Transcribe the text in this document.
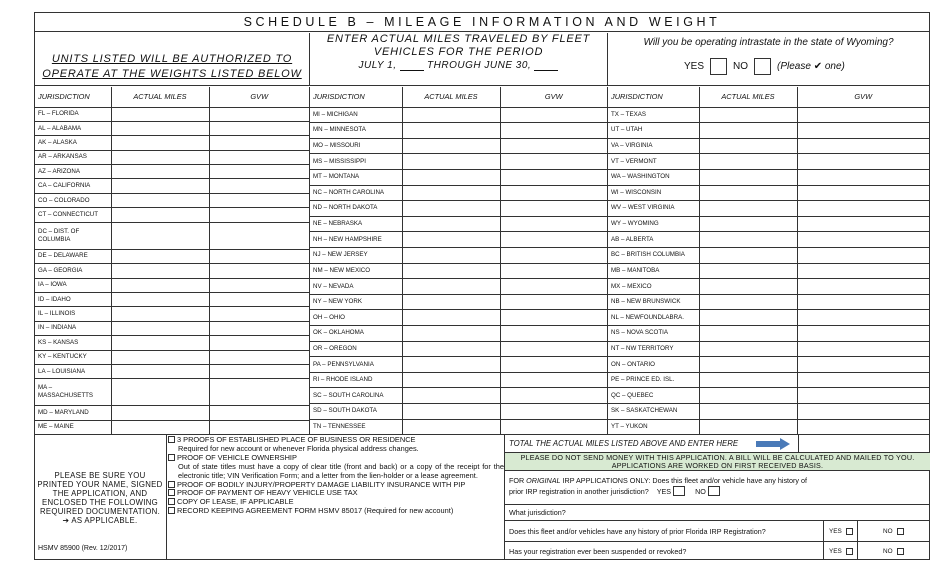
SCHEDULE B – MILEAGE INFORMATION AND WEIGHT
UNITS LISTED WILL BE AUTHORIZED TO
OPERATE AT THE WEIGHTS LISTED BELOW
ENTER ACTUAL MILES TRAVELED BY FLEET
VEHICLES FOR THE PERIOD
JULY 1,  THROUGH JUNE 30,
Will you be operating intrastate in the state of Wyoming?
YES	NO	(Please ✔ one)
JURISDICTION	ACTUAL MILES	GVW
FL – FLORIDA		
AL – ALABAMA		
AK – ALASKA		
AR – ARKANSAS		
AZ – ARIZONA		
CA – CALIFORNIA		
CO – COLORADO		
CT – CONNECTICUT		
DC – DIST. OF COLUMBIA		
DE – DELAWARE		
GA – GEORGIA		
IA – IOWA		
ID – IDAHO		
IL – ILLINOIS		
IN – INDIANA		
KS – KANSAS		
KY – KENTUCKY		
LA – LOUISIANA		
MA – MASSACHUSETTS		
MD – MARYLAND		
ME – MAINE		
JURISDICTION	ACTUAL MILES	GVW
MI – MICHIGAN		
MN – MINNESOTA		
MO – MISSOURI		
MS – MISSISSIPPI		
MT – MONTANA		
NC – NORTH CAROLINA		
ND – NORTH DAKOTA		
NE – NEBRASKA		
NH – NEW HAMPSHIRE		
NJ – NEW JERSEY		
NM – NEW MEXICO		
NV – NEVADA		
NY – NEW YORK		
OH – OHIO		
OK – OKLAHOMA		
OR – OREGON		
PA – PENNSYLVANIA		
RI – RHODE ISLAND		
SC – SOUTH CAROLINA		
SD – SOUTH DAKOTA		
TN – TENNESSEE		
JURISDICTION	ACTUAL MILES	GVW
TX – TEXAS		
UT – UTAH		
VA – VIRGINIA		
VT – VERMONT		
WA – WASHINGTON		
WI – WISCONSIN		
WV – WEST VIRGINIA		
WY – WYOMING		
AB – ALBERTA		
BC – BRITISH COLUMBIA		
MB – MANITOBA		
MX – MEXICO		
NB – NEW BRUNSWICK		
NL – NEWFOUNDLABRA.		
NS – NOVA SCOTIA		
NT – NW TERRITORY		
ON – ONTARIO		
PE – PRINCE ED. ISL.		
QC – QUEBEC		
SK – SASKATCHEWAN		
YT – YUKON		
PLEASE BE SURE YOU PRINTED YOUR NAME, SIGNED THE APPLICATION, AND ENCLOSED THE FOLLOWING REQUIRED DOCUMENTATION. ➔ AS APPLICABLE.
3 PROOFS OF ESTABLISHED PLACE OF BUSINESS OR RESIDENCE
Required for new account or whenever Florida physical address changes.
PROOF OF VEHICLE OWNERSHIP
Out of state titles must have a copy of clear title (front and back) or a copy of the receipt for the electronic title; VIN Verification Form; and a letter from the lien-holder or a lease agreement.
PROOF OF BODILY INJURY/PROPERTY DAMAGE LIABILITY INSURANCE WITH PIP
PROOF OF PAYMENT OF HEAVY VEHICLE USE TAX
COPY OF LEASE, IF APPLICABLE
RECORD KEEPING AGREEMENT FORM HSMV 85017 (Required for new account)
TOTAL THE ACTUAL MILES LISTED ABOVE AND ENTER HERE
PLEASE DO NOT SEND MONEY WITH THIS APPLICATION. A BILL WILL BE CALCULATED AND MAILED TO YOU. APPLICATIONS ARE WORKED ON FIRST RECEIVED BASIS.
FOR ORIGINAL IRP APPLICATIONS ONLY: Does this fleet and/or vehicle have any history of
prior IRP registration in another jurisdiction? YES	NO
What jurisdiction?
Does this fleet and/or vehicles have any history of prior Florida IRP Registration?	YES	NO
Has your registration ever been suspended or revoked?	YES	NO
HSMV 85900 (Rev. 12/2017)
